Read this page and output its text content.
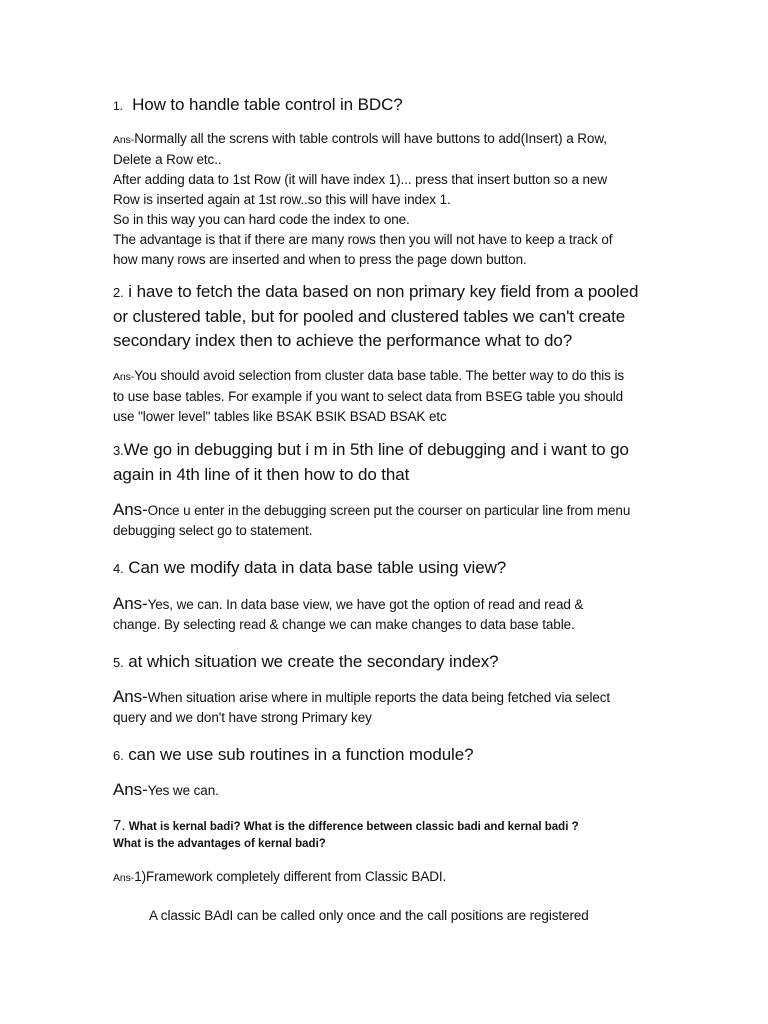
1. How to handle table control in BDC?

Ans-Normally all the screns with table controls will have buttons to add(Insert) a Row,
Delete a Row etc..
After adding data to 1st Row (it will have index 1)... press that insert button so a new
Row is inserted again at 1st row..so this will have index 1.
So in this way you can hard code the index to one.
The advantage is that if there are many rows then you will not have to keep a track of
how many rows are inserted and when to press the page down button.
2. i have to fetch the data based on non primary key field from a pooled
or clustered table, but for pooled and clustered tables we can't create
secondary index then to achieve the performance what to do?
Ans-You should avoid selection from cluster data base table. The better way to do this is
to use base tables. For example if you want to select data from BSEG table you should
use "lower level" tables like BSAK BSIK BSAD BSAK etc
3.We go in debugging but i m in 5th line of debugging and i want to go
again in 4th line of it then how to do that
Ans-Once u enter in the debugging screen put the courser on particular line from menu
debugging select go to statement.

4. Can we modify data in data base table using view?

Ans-Yes, we can. In data base view, we have got the option of read and read &
change. By selecting read & change we can make changes to data base table.

5. at which situation we create the secondary index?

Ans-When situation arise where in multiple reports the data being fetched via select
query and we don't have strong Primary key

6. can we use sub routines in a function module?

Ans-Yes we can.
7. What is kernal badi? What is the difference between classic badi and kernal badi ?
What is the advantages of kernal badi?
Ans-1)Framework completely different from Classic BADI.
A classic BAdI can be called only once and the call positions are registered
